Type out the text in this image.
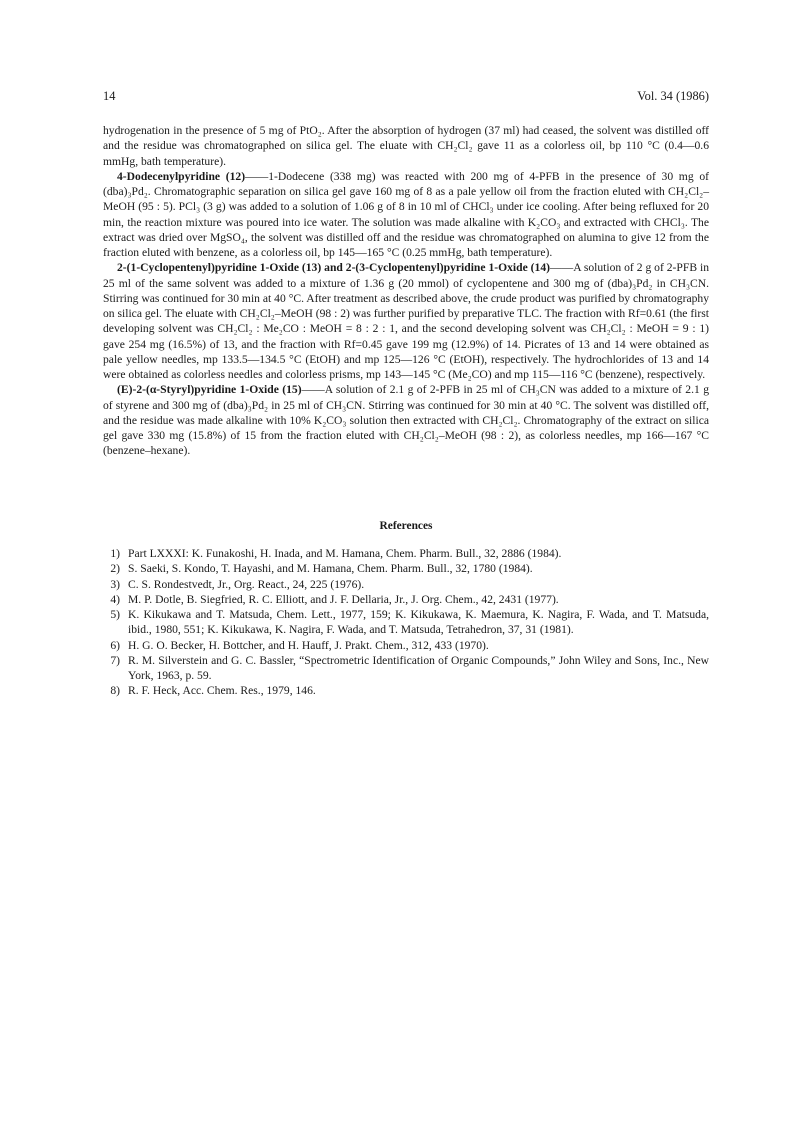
14	Vol. 34 (1986)

hydrogenation in the presence of 5 mg of PtO₂. After the absorption of hydrogen (37 ml) had ceased, the solvent was distilled off and the residue was chromatographed on silica gel. The eluate with CH₂Cl₂ gave 11 as a colorless oil, bp 110 °C (0.4—0.6 mmHg, bath temperature).

4-Dodecenylpyridine (12)——1-Dodecene (338 mg) was reacted with 200 mg of 4-PFB in the presence of 30 mg of (dba)₃Pd₂. Chromatographic separation on silica gel gave 160 mg of 8 as a pale yellow oil from the fraction eluted with CH₂Cl₂–MeOH (95 : 5). PCl₃ (3 g) was added to a solution of 1.06 g of 8 in 10 ml of CHCl₃ under ice cooling. After being refluxed for 20 min, the reaction mixture was poured into ice water. The solution was made alkaline with K₂CO₃ and extracted with CHCl₃. The extract was dried over MgSO₄, the solvent was distilled off and the residue was chromatographed on alumina to give 12 from the fraction eluted with benzene, as a colorless oil, bp 145—165 °C (0.25 mmHg, bath temperature).

2-(1-Cyclopentenyl)pyridine 1-Oxide (13) and 2-(3-Cyclopentenyl)pyridine 1-Oxide (14)——A solution of 2 g of 2-PFB in 25 ml of the same solvent was added to a mixture of 1.36 g (20 mmol) of cyclopentene and 300 mg of (dba)₃Pd₂ in CH₃CN. Stirring was continued for 30 min at 40 °C. After treatment as described above, the crude product was purified by chromatography on silica gel. The eluate with CH₂Cl₂–MeOH (98 : 2) was further purified by preparative TLC. The fraction with Rf=0.61 (the first developing solvent was CH₂Cl₂ : Me₂CO : MeOH = 8 : 2 : 1, and the second developing solvent was CH₂Cl₂ : MeOH = 9 : 1) gave 254 mg (16.5%) of 13, and the fraction with Rf=0.45 gave 199 mg (12.9%) of 14. Picrates of 13 and 14 were obtained as pale yellow needles, mp 133.5—134.5 °C (EtOH) and mp 125—126 °C (EtOH), respectively. The hydrochlorides of 13 and 14 were obtained as colorless needles and colorless prisms, mp 143—145 °C (Me₂CO) and mp 115—116 °C (benzene), respectively.

(E)-2-(α-Styryl)pyridine 1-Oxide (15)——A solution of 2.1 g of 2-PFB in 25 ml of CH₃CN was added to a mixture of 2.1 g of styrene and 300 mg of (dba)₃Pd₂ in 25 ml of CH₃CN. Stirring was continued for 30 min at 40 °C. The solvent was distilled off, and the residue was made alkaline with 10% K₂CO₃ solution then extracted with CH₂Cl₂. Chromatography of the extract on silica gel gave 330 mg (15.8%) of 15 from the fraction eluted with CH₂Cl₂–MeOH (98 : 2), as colorless needles, mp 166—167 °C (benzene–hexane).

References
1) Part LXXXI: K. Funakoshi, H. Inada, and M. Hamana, Chem. Pharm. Bull., 32, 2886 (1984).
2) S. Saeki, S. Kondo, T. Hayashi, and M. Hamana, Chem. Pharm. Bull., 32, 1780 (1984).
3) C. S. Rondestvedt, Jr., Org. React., 24, 225 (1976).
4) M. P. Dotle, B. Siegfried, R. C. Elliott, and J. F. Dellaria, Jr., J. Org. Chem., 42, 2431 (1977).
5) K. Kikukawa and T. Matsuda, Chem. Lett., 1977, 159; K. Kikukawa, K. Maemura, K. Nagira, F. Wada, and T. Matsuda, ibid., 1980, 551; K. Kikukawa, K. Nagira, F. Wada, and T. Matsuda, Tetrahedron, 37, 31 (1981).
6) H. G. O. Becker, H. Bottcher, and H. Hauff, J. Prakt. Chem., 312, 433 (1970).
7) R. M. Silverstein and G. C. Bassler, “Spectrometric Identification of Organic Compounds,” John Wiley and Sons, Inc., New York, 1963, p. 59.
8) R. F. Heck, Acc. Chem. Res., 1979, 146.
